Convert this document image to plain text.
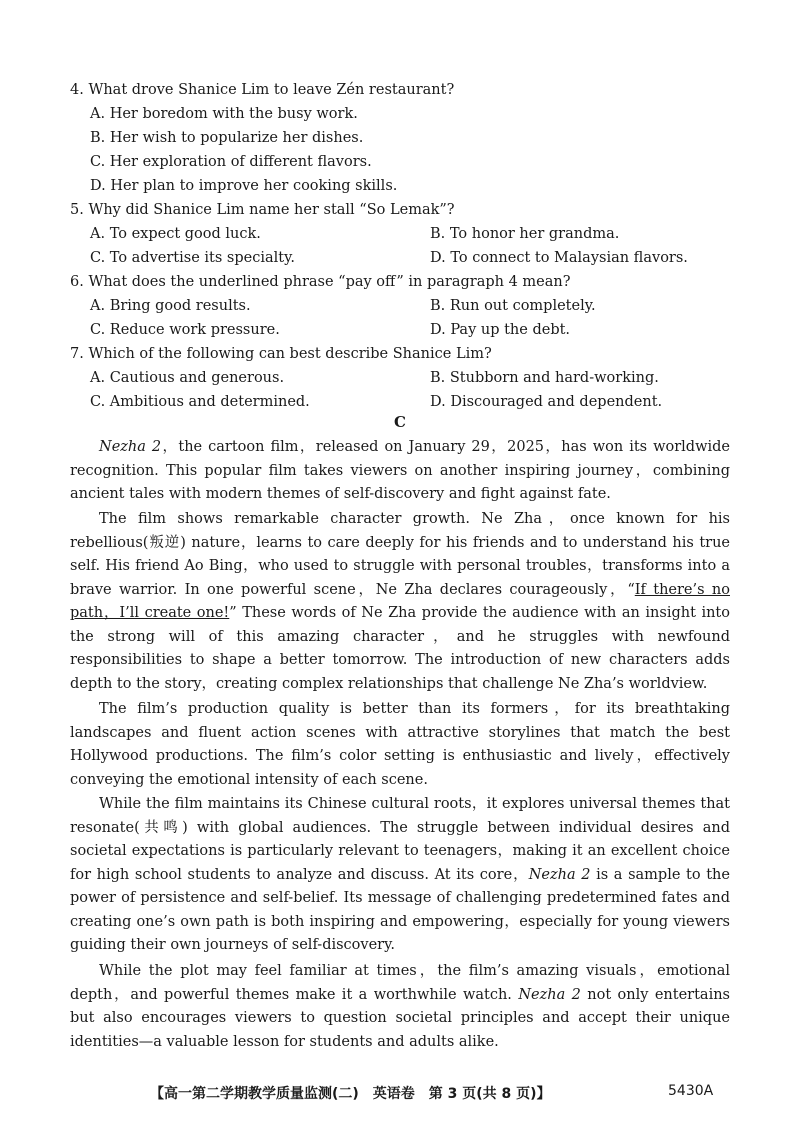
4. What drove Shanice Lim to leave Zén restaurant?
A. Her boredom with the busy work.
B. Her wish to popularize her dishes.
C. Her exploration of different flavors.
D. Her plan to improve her cooking skills.
5. Why did Shanice Lim name her stall “So Lemak”?
A. To expect good luck.	B. To honor her grandma.
C. To advertise its specialty.	D. To connect to Malaysian flavors.
6. What does the underlined phrase “pay off” in paragraph 4 mean?
A. Bring good results.	B. Run out completely.
C. Reduce work pressure.	D. Pay up the debt.
7. Which of the following can best describe Shanice Lim?
A. Cautious and generous.	B. Stubborn and hard-working.
C. Ambitious and determined.	D. Discouraged and dependent.
C

Nezha 2，the cartoon film，released on January 29，2025，has won its worldwide recognition. This popular film takes viewers on another inspiring journey，combining ancient tales with modern themes of self-discovery and fight against fate.

The film shows remarkable character growth. Ne Zha，once known for his rebellious(叛逆) nature，learns to care deeply for his friends and to understand his true self. His friend Ao Bing，who used to struggle with personal troubles，transforms into a brave warrior. In one powerful scene，Ne Zha declares courageously，“If there’s no path，I’ll create one!” These words of Ne Zha provide the audience with an insight into the strong will of this amazing character，and he struggles with newfound responsibilities to shape a better tomorrow. The introduction of new characters adds depth to the story，creating complex relationships that challenge Ne Zha’s worldview.

The film’s production quality is better than its formers，for its breathtaking landscapes and fluent action scenes with attractive storylines that match the best Hollywood productions. The film’s color setting is enthusiastic and lively，effectively conveying the emotional intensity of each scene.

While the film maintains its Chinese cultural roots，it explores universal themes that resonate(共鸣) with global audiences. The struggle between individual desires and societal expectations is particularly relevant to teenagers，making it an excellent choice for high school students to analyze and discuss. At its core，Nezha 2 is a sample to the power of persistence and self-belief. Its message of challenging predetermined fates and creating one’s own path is both inspiring and empowering，especially for young viewers guiding their own journeys of self-discovery.

While the plot may feel familiar at times，the film’s amazing visuals，emotional depth，and powerful themes make it a worthwhile watch. Nezha 2 not only entertains but also encourages viewers to question societal principles and accept their unique identities—a valuable lesson for students and adults alike.

【高一第二学期教学质量监测(二)　英语卷　第 3 页(共 8 页)】	5430A
